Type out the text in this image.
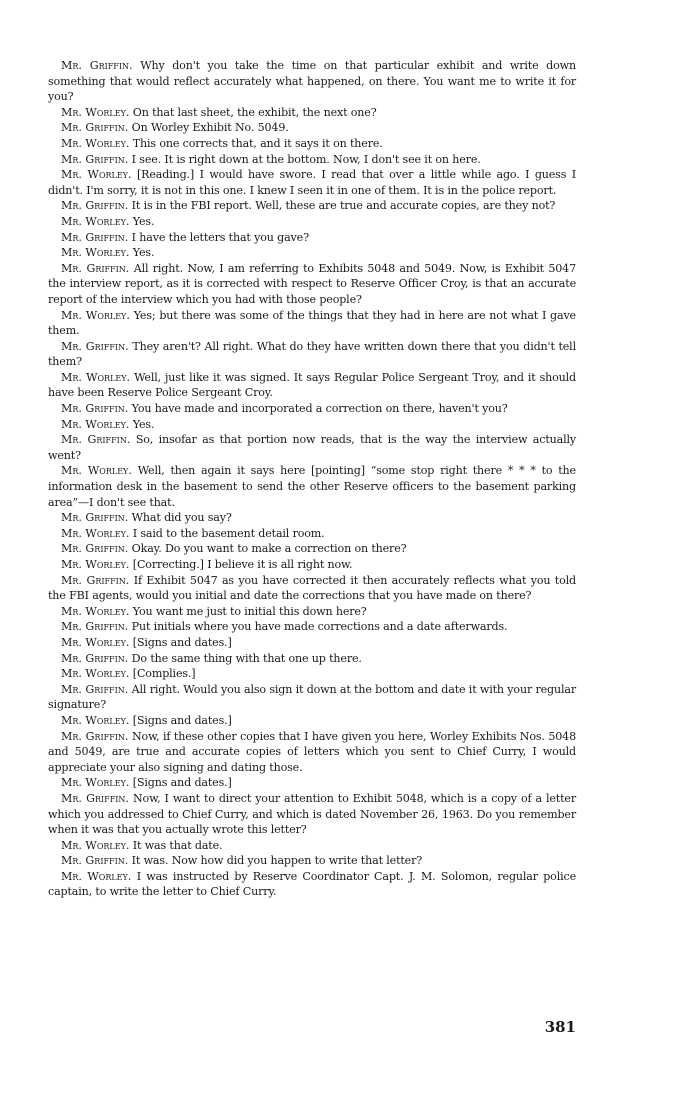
Mr. Griffin. Why don't you take the time on that particular exhibit and write down something that would reflect accurately what happened, on there. You want me to write it for you?

Mr. Worley. On that last sheet, the exhibit, the next one?

Mr. Griffin. On Worley Exhibit No. 5049.

Mr. Worley. This one corrects that, and it says it on there.

Mr. Griffin. I see. It is right down at the bottom. Now, I don't see it on here.

Mr. Worley. [Reading.] I would have swore. I read that over a little while ago. I guess I didn't. I'm sorry, it is not in this one. I knew I seen it in one of them. It is in the police report.

Mr. Griffin. It is in the FBI report. Well, these are true and accurate copies, are they not?

Mr. Worley. Yes.

Mr. Griffin. I have the letters that you gave?

Mr. Worley. Yes.

Mr. Griffin. All right. Now, I am referring to Exhibits 5048 and 5049. Now, is Exhibit 5047 the interview report, as it is corrected with respect to Reserve Officer Croy, is that an accurate report of the interview which you had with those people?

Mr. Worley. Yes; but there was some of the things that they had in here are not what I gave them.

Mr. Griffin. They aren't? All right. What do they have written down there that you didn't tell them?

Mr. Worley. Well, just like it was signed. It says Regular Police Sergeant Troy, and it should have been Reserve Police Sergeant Croy.

Mr. Griffin. You have made and incorporated a correction on there, haven't you?

Mr. Worley. Yes.

Mr. Griffin. So, insofar as that portion now reads, that is the way the interview actually went?

Mr. Worley. Well, then again it says here [pointing] “some stop right there * * * to the information desk in the basement to send the other Reserve officers to the basement parking area”—I don't see that.

Mr. Griffin. What did you say?

Mr. Worley. I said to the basement detail room.

Mr. Griffin. Okay. Do you want to make a correction on there?

Mr. Worley. [Correcting.] I believe it is all right now.

Mr. Griffin. If Exhibit 5047 as you have corrected it then accurately reflects what you told the FBI agents, would you initial and date the corrections that you have made on there?

Mr. Worley. You want me just to initial this down here?

Mr. Griffin. Put initials where you have made corrections and a date afterwards.

Mr. Worley. [Signs and dates.]

Mr. Griffin. Do the same thing with that one up there.

Mr. Worley. [Complies.]

Mr. Griffin. All right. Would you also sign it down at the bottom and date it with your regular signature?

Mr. Worley. [Signs and dates.]

Mr. Griffin. Now, if these other copies that I have given you here, Worley Exhibits Nos. 5048 and 5049, are true and accurate copies of letters which you sent to Chief Curry, I would appreciate your also signing and dating those.

Mr. Worley. [Signs and dates.]

Mr. Griffin. Now, I want to direct your attention to Exhibit 5048, which is a copy of a letter which you addressed to Chief Curry, and which is dated November 26, 1963. Do you remember when it was that you actually wrote this letter?

Mr. Worley. It was that date.

Mr. Griffin. It was. Now how did you happen to write that letter?

Mr. Worley. I was instructed by Reserve Coordinator Capt. J. M. Solomon, regular police captain, to write the letter to Chief Curry.

381
